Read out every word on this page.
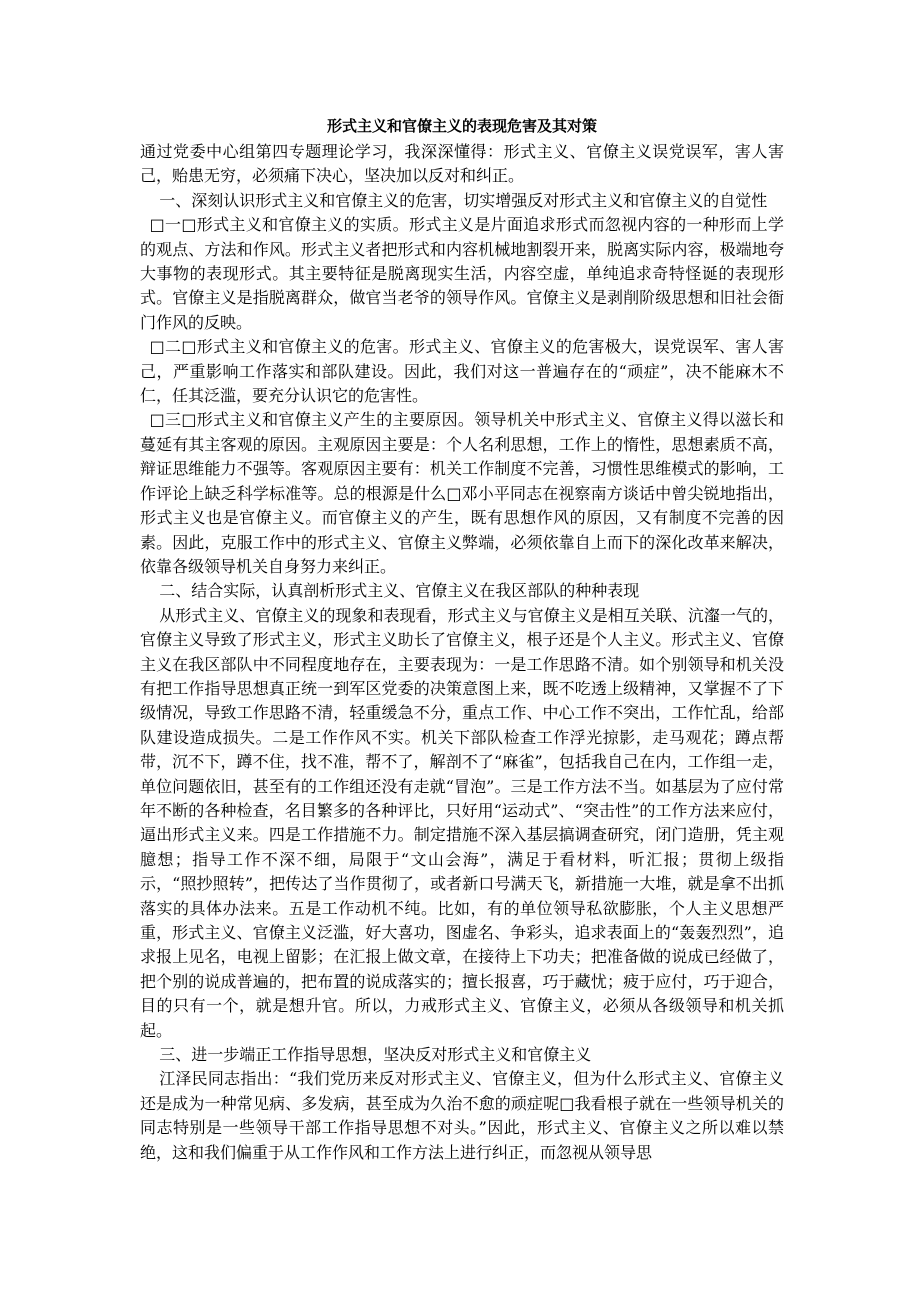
形式主义和官僚主义的表现危害及其对策

通过党委中心组第四专题理论学习，我深深懂得：形式主义、官僚主义误党误军，害人害己，贻患无穷，必须痛下决心，坚决加以反对和纠正。

一、深刻认识形式主义和官僚主义的危害，切实增强反对形式主义和官僚主义的自觉性

□一□形式主义和官僚主义的实质。形式主义是片面追求形式而忽视内容的一种形而上学的观点、方法和作风。形式主义者把形式和内容机械地割裂开来，脱离实际内容，极端地夸大事物的表现形式。其主要特征是脱离现实生活，内容空虚，单纯追求奇特怪诞的表现形式。官僚主义是指脱离群众，做官当老爷的领导作风。官僚主义是剥削阶级思想和旧社会衙门作风的反映。

□二□形式主义和官僚主义的危害。形式主义、官僚主义的危害极大，误党误军、害人害己，严重影响工作落实和部队建设。因此，我们对这一普遍存在的“顽症”，决不能麻木不仁，任其泛滥，要充分认识它的危害性。

□三□形式主义和官僚主义产生的主要原因。领导机关中形式主义、官僚主义得以滋长和蔓延有其主客观的原因。主观原因主要是：个人名利思想，工作上的惰性，思想素质不高，辩证思维能力不强等。客观原因主要有：机关工作制度不完善，习惯性思维模式的影响，工作评论上缺乏科学标准等。总的根源是什么□邓小平同志在视察南方谈话中曾尖锐地指出，形式主义也是官僚主义。而官僚主义的产生，既有思想作风的原因，又有制度不完善的因素。因此，克服工作中的形式主义、官僚主义弊端，必须依靠自上而下的深化改革来解决，依靠各级领导机关自身努力来纠正。

二、结合实际，认真剖析形式主义、官僚主义在我区部队的种种表现

从形式主义、官僚主义的现象和表现看，形式主义与官僚主义是相互关联、沆瀣一气的，官僚主义导致了形式主义，形式主义助长了官僚主义，根子还是个人主义。形式主义、官僚主义在我区部队中不同程度地存在，主要表现为：一是工作思路不清。如个别领导和机关没有把工作指导思想真正统一到军区党委的决策意图上来，既不吃透上级精神，又掌握不了下级情况，导致工作思路不清，轻重缓急不分，重点工作、中心工作不突出，工作忙乱，给部队建设造成损失。二是工作作风不实。机关下部队检查工作浮光掠影，走马观花；蹲点帮带，沉不下，蹲不住，找不准，帮不了，解剖不了“麻雀”，包括我自己在内，工作组一走，单位问题依旧，甚至有的工作组还没有走就“冒泡”。三是工作方法不当。如基层为了应付常年不断的各种检查，名目繁多的各种评比，只好用“运动式”、“突击性”的工作方法来应付，逼出形式主义来。四是工作措施不力。制定措施不深入基层搞调查研究，闭门造册，凭主观臆想；指导工作不深不细，局限于“文山会海”，满足于看材料，听汇报；贯彻上级指示，“照抄照转”，把传达了当作贯彻了，或者新口号满天飞，新措施一大堆，就是拿不出抓落实的具体办法来。五是工作动机不纯。比如，有的单位领导私欲膨胀，个人主义思想严重，形式主义、官僚主义泛滥，好大喜功，图虚名、争彩头，追求表面上的“轰轰烈烈”，追求报上见名，电视上留影；在汇报上做文章，在接待上下功夫；把准备做的说成已经做了，把个别的说成普遍的，把布置的说成落实的；擅长报喜，巧于藏忧；疲于应付，巧于迎合，目的只有一个，就是想升官。所以，力戒形式主义、官僚主义，必须从各级领导和机关抓起。

三、进一步端正工作指导思想，坚决反对形式主义和官僚主义

江泽民同志指出：“我们党历来反对形式主义、官僚主义，但为什么形式主义、官僚主义还是成为一种常见病、多发病，甚至成为久治不愈的顽症呢□我看根子就在一些领导机关的同志特别是一些领导干部工作指导思想不对头。”因此，形式主义、官僚主义之所以难以禁绝，这和我们偏重于从工作作风和工作方法上进行纠正，而忽视从领导思
